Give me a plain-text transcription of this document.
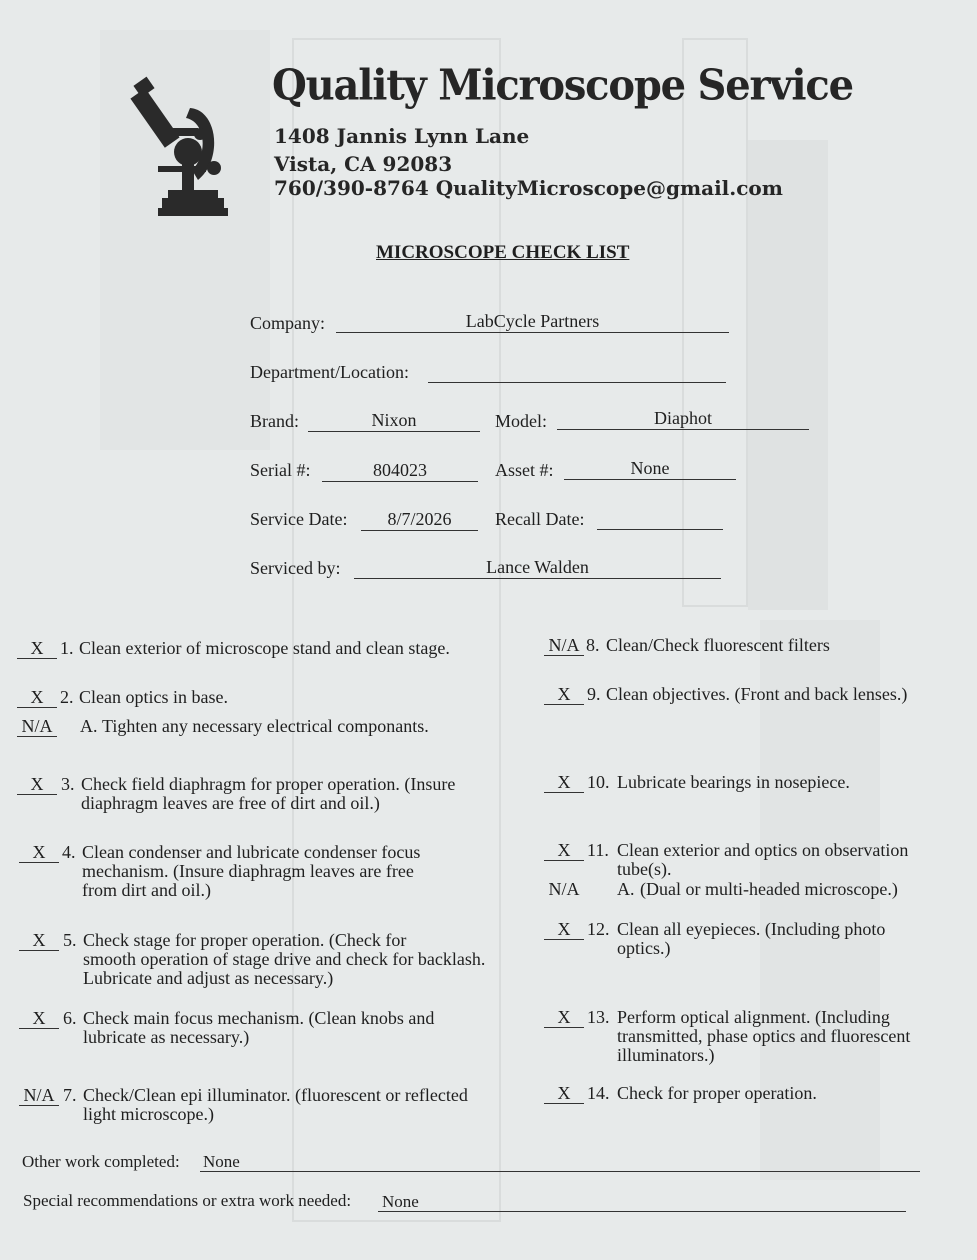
Quality Microscope Service
1408 Jannis Lynn Lane
Vista, CA 92083
760/390-8764 QualityMicroscope@gmail.com
MICROSCOPE CHECK LIST
Company:	LabCycle Partners
Department/Location:
Brand:	Nixon	Model:	Diaphot
Serial #:	804023	Asset #:	None
Service Date:	8/7/2026	Recall Date:
Serviced by:	Lance Walden
X 1. Clean exterior of microscope stand and clean stage.
X 2. Clean optics in base.
N/A A. Tighten any necessary electrical componants.
X 3. Check field diaphragm for proper operation. (Insure
diaphragm leaves are free of dirt and oil.)
X 4. Clean condenser and lubricate condenser focus
mechanism. (Insure diaphragm leaves are free
from dirt and oil.)
X 5. Check stage for proper operation. (Check for
smooth operation of stage drive and check for backlash.
Lubricate and adjust as necessary.)
X 6. Check main focus mechanism. (Clean knobs and
lubricate as necessary.)
N/A 7. Check/Clean epi illuminator. (fluorescent or reflected
light microscope.)
N/A 8. Clean/Check fluorescent filters
X 9. Clean objectives. (Front and back lenses.)
X 10. Lubricate bearings in nosepiece.
X 11. Clean exterior and optics on observation
tube(s).
N/A A. (Dual or multi-headed microscope.)
X 12. Clean all eyepieces. (Including photo
optics.)
X 13. Perform optical alignment. (Including
transmitted, phase optics and fluorescent
illuminators.)
X 14. Check for proper operation.
Other work completed: None
Special recommendations or extra work needed: None
